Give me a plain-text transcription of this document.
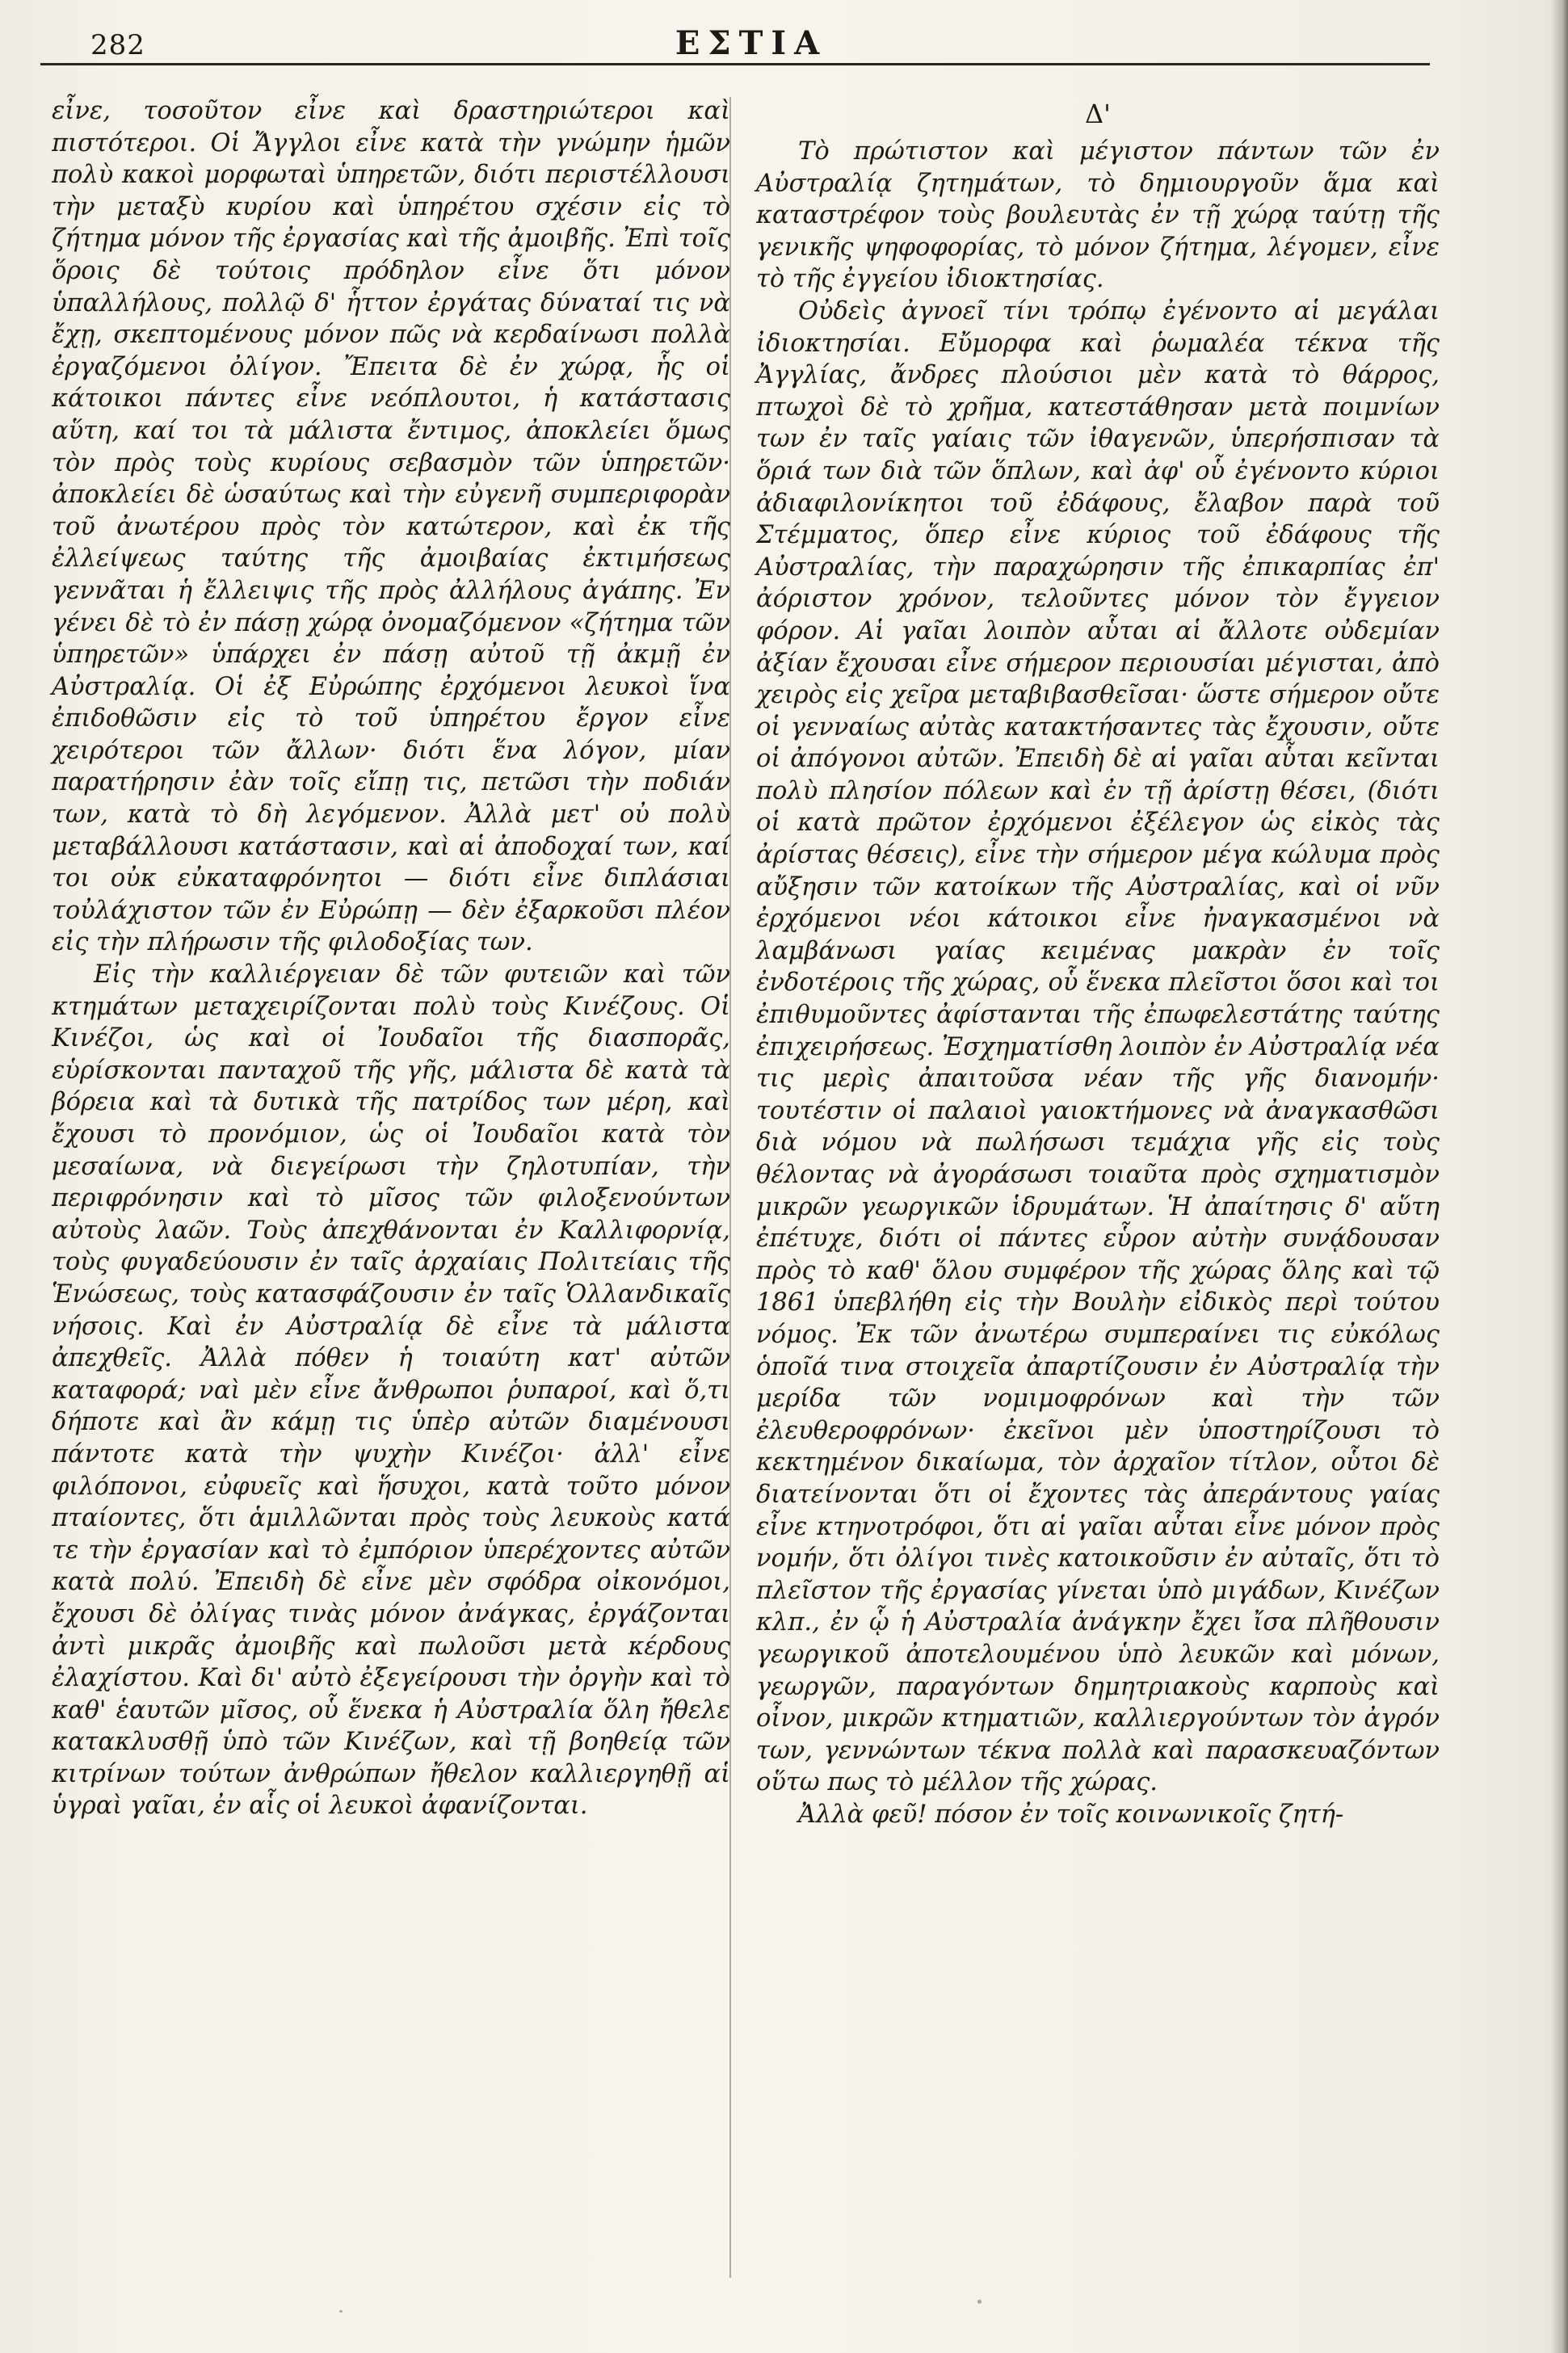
282	ΕΣΤΙΑ

εἶνε, τοσοῦτον εἶνε καὶ δραστηριώτεροι καὶ πιστότεροι. Οἱ Ἄγγλοι εἶνε κατὰ τὴν γνώμην ἡμῶν πολὺ κακοὶ μορφωταὶ ὑπηρετῶν, διότι περιστέλλουσι τὴν μεταξὺ κυρίου καὶ ὑπηρέτου σχέσιν εἰς τὸ ζήτημα μόνον τῆς ἐργασίας καὶ τῆς ἀμοιβῆς. Ἐπὶ τοῖς ὅροις δὲ τούτοις πρόδηλον εἶνε ὅτι μόνον ὑπαλλήλους, πολλῷ δ' ἧττον ἐργάτας δύναταί τις νὰ ἔχῃ, σκεπτομένους μόνον πῶς νὰ κερδαίνωσι πολλὰ ἐργαζόμενοι ὀλίγον. Ἔπειτα δὲ ἐν χώρᾳ, ἧς οἱ κάτοικοι πάντες εἶνε νεόπλουτοι, ἡ κατάστασις αὕτη, καί τοι τὰ μάλιστα ἔντιμος, ἀποκλείει ὅμως τὸν πρὸς τοὺς κυρίους σεβασμὸν τῶν ὑπηρετῶν· ἀποκλείει δὲ ὡσαύτως καὶ τὴν εὐγενῆ συμπεριφορὰν τοῦ ἀνωτέρου πρὸς τὸν κατώτερον, καὶ ἐκ τῆς ἐλλείψεως ταύτης τῆς ἀμοιβαίας ἐκτιμήσεως γεννᾶται ἡ ἔλλειψις τῆς πρὸς ἀλλήλους ἀγάπης. Ἐν γένει δὲ τὸ ἐν πάσῃ χώρᾳ ὀνομαζόμενον «ζήτημα τῶν ὑπηρετῶν» ὑπάρχει ἐν πάσῃ αὐτοῦ τῇ ἀκμῇ ἐν Αὐστραλίᾳ. Οἱ ἐξ Εὐρώπης ἐρχόμενοι λευκοὶ ἵνα ἐπιδοθῶσιν εἰς τὸ τοῦ ὑπηρέτου ἔργον εἶνε χειρότεροι τῶν ἄλλων· διότι ἕνα λόγον, μίαν παρατήρησιν ἐὰν τοῖς εἴπῃ τις, πετῶσι τὴν ποδιάν των, κατὰ τὸ δὴ λεγόμενον. Ἀλλὰ μετ' οὐ πολὺ μεταβάλλουσι κατάστασιν, καὶ αἱ ἀποδοχαί των, καί τοι οὐκ εὐκαταφρόνητοι — διότι εἶνε διπλάσιαι τοὐλάχιστον τῶν ἐν Εὐρώπῃ — δὲν ἐξαρκοῦσι πλέον εἰς τὴν πλήρωσιν τῆς φιλοδοξίας των.

Εἰς τὴν καλλιέργειαν δὲ τῶν φυτειῶν καὶ τῶν κτημάτων μεταχειρίζονται πολὺ τοὺς Κινέζους. Οἱ Κινέζοι, ὡς καὶ οἱ Ἰουδαῖοι τῆς διασπορᾶς, εὑρίσκονται πανταχοῦ τῆς γῆς, μάλιστα δὲ κατὰ τὰ βόρεια καὶ τὰ δυτικὰ τῆς πατρίδος των μέρη, καὶ ἔχουσι τὸ προνόμιον, ὡς οἱ Ἰουδαῖοι κατὰ τὸν μεσαίωνα, νὰ διεγείρωσι τὴν ζηλοτυπίαν, τὴν περιφρόνησιν καὶ τὸ μῖσος τῶν φιλοξενούντων αὐτοὺς λαῶν. Τοὺς ἀπεχθάνονται ἐν Καλλιφορνίᾳ, τοὺς φυγαδεύουσιν ἐν ταῖς ἀρχαίαις Πολιτείαις τῆς Ἑνώσεως, τοὺς κατασφάζουσιν ἐν ταῖς Ὁλλανδικαῖς νήσοις. Καὶ ἐν Αὐστραλίᾳ δὲ εἶνε τὰ μάλιστα ἀπεχθεῖς. Ἀλλὰ πόθεν ἡ τοιαύτη κατ' αὐτῶν καταφορά; ναὶ μὲν εἶνε ἄνθρωποι ῥυπαροί, καὶ ὅ,τι δήποτε καὶ ἂν κάμῃ τις ὑπὲρ αὐτῶν διαμένουσι πάντοτε κατὰ τὴν ψυχὴν Κινέζοι· ἀλλ' εἶνε φιλόπονοι, εὐφυεῖς καὶ ἥσυχοι, κατὰ τοῦτο μόνον πταίοντες, ὅτι ἁμιλλῶνται πρὸς τοὺς λευκοὺς κατά τε τὴν ἐργασίαν καὶ τὸ ἐμπόριον ὑπερέχοντες αὐτῶν κατὰ πολύ. Ἐπειδὴ δὲ εἶνε μὲν σφόδρα οἰκονόμοι, ἔχουσι δὲ ὀλίγας τινὰς μόνον ἀνάγκας, ἐργάζονται ἀντὶ μικρᾶς ἀμοιβῆς καὶ πωλοῦσι μετὰ κέρδους ἐλαχίστου. Καὶ δι' αὐτὸ ἐξεγείρουσι τὴν ὀργὴν καὶ τὸ καθ' ἑαυτῶν μῖσος, οὗ ἕνεκα ἡ Αὐστραλία ὅλη ἤθελε κατακλυσθῇ ὑπὸ τῶν Κινέζων, καὶ τῇ βοηθείᾳ τῶν κιτρίνων τούτων ἀνθρώπων ἤθελον καλλιεργηθῇ αἱ ὑγραὶ γαῖαι, ἐν αἷς οἱ λευκοὶ ἀφανίζονται.

Δ'

Τὸ πρώτιστον καὶ μέγιστον πάντων τῶν ἐν Αὐστραλίᾳ ζητημάτων, τὸ δημιουργοῦν ἅμα καὶ καταστρέφον τοὺς βουλευτὰς ἐν τῇ χώρᾳ ταύτῃ τῆς γενικῆς ψηφοφορίας, τὸ μόνον ζήτημα, λέγομεν, εἶνε τὸ τῆς ἐγγείου ἰδιοκτησίας.

Οὐδεὶς ἀγνοεῖ τίνι τρόπῳ ἐγένοντο αἱ μεγάλαι ἰδιοκτησίαι. Εὔμορφα καὶ ῥωμαλέα τέκνα τῆς Ἀγγλίας, ἄνδρες πλούσιοι μὲν κατὰ τὸ θάρρος, πτωχοὶ δὲ τὸ χρῆμα, κατεστάθησαν μετὰ ποιμνίων των ἐν ταῖς γαίαις τῶν ἰθαγενῶν, ὑπερήσπισαν τὰ ὅριά των διὰ τῶν ὅπλων, καὶ ἀφ' οὗ ἐγένοντο κύριοι ἀδιαφιλονίκητοι τοῦ ἐδάφους, ἔλαβον παρὰ τοῦ Στέμματος, ὅπερ εἶνε κύριος τοῦ ἐδάφους τῆς Αὐστραλίας, τὴν παραχώρησιν τῆς ἐπικαρπίας ἐπ' ἀόριστον χρόνον, τελοῦντες μόνον τὸν ἔγγειον φόρον. Αἱ γαῖαι λοιπὸν αὗται αἱ ἄλλοτε οὐδεμίαν ἀξίαν ἔχουσαι εἶνε σήμερον περιουσίαι μέγισται, ἀπὸ χειρὸς εἰς χεῖρα μεταβιβασθεῖσαι· ὥστε σήμερον οὔτε οἱ γενναίως αὐτὰς κατακτήσαντες τὰς ἔχουσιν, οὔτε οἱ ἀπόγονοι αὐτῶν. Ἐπειδὴ δὲ αἱ γαῖαι αὗται κεῖνται πολὺ πλησίον πόλεων καὶ ἐν τῇ ἀρίστῃ θέσει, (διότι οἱ κατὰ πρῶτον ἐρχόμενοι ἐξέλεγον ὡς εἰκὸς τὰς ἀρίστας θέσεις), εἶνε τὴν σήμερον μέγα κώλυμα πρὸς αὔξησιν τῶν κατοίκων τῆς Αὐστραλίας, καὶ οἱ νῦν ἐρχόμενοι νέοι κάτοικοι εἶνε ἠναγκασμένοι νὰ λαμβάνωσι γαίας κειμένας μακρὰν ἐν τοῖς ἐνδοτέροις τῆς χώρας, οὗ ἕνεκα πλεῖστοι ὅσοι καὶ τοι ἐπιθυμοῦντες ἀφίστανται τῆς ἐπωφελεστάτης ταύτης ἐπιχειρήσεως. Ἐσχηματίσθη λοιπὸν ἐν Αὐστραλίᾳ νέα τις μερὶς ἀπαιτοῦσα νέαν τῆς γῆς διανομήν· τουτέστιν οἱ παλαιοὶ γαιοκτήμονες νὰ ἀναγκασθῶσι διὰ νόμου νὰ πωλήσωσι τεμάχια γῆς εἰς τοὺς θέλοντας νὰ ἀγοράσωσι τοιαῦτα πρὸς σχηματισμὸν μικρῶν γεωργικῶν ἱδρυμάτων. Ἡ ἀπαίτησις δ' αὕτη ἐπέτυχε, διότι οἱ πάντες εὗρον αὐτὴν συνᾴδουσαν πρὸς τὸ καθ' ὅλου συμφέρον τῆς χώρας ὅλης καὶ τῷ 1861 ὑπεβλήθη εἰς τὴν Βουλὴν εἰδικὸς περὶ τούτου νόμος. Ἐκ τῶν ἀνωτέρω συμπεραίνει τις εὐκόλως ὁποῖά τινα στοιχεῖα ἀπαρτίζουσιν ἐν Αὐστραλίᾳ τὴν μερίδα τῶν νομιμοφρόνων καὶ τὴν τῶν ἐλευθεροφρόνων· ἐκεῖνοι μὲν ὑποστηρίζουσι τὸ κεκτημένον δικαίωμα, τὸν ἀρχαῖον τίτλον, οὗτοι δὲ διατείνονται ὅτι οἱ ἔχοντες τὰς ἀπεράντους γαίας εἶνε κτηνοτρόφοι, ὅτι αἱ γαῖαι αὗται εἶνε μόνον πρὸς νομήν, ὅτι ὀλίγοι τινὲς κατοικοῦσιν ἐν αὐταῖς, ὅτι τὸ πλεῖστον τῆς ἐργασίας γίνεται ὑπὸ μιγάδων, Κινέζων κλπ., ἐν ᾧ ἡ Αὐστραλία ἀνάγκην ἔχει ἴσα πλῆθουσιν γεωργικοῦ ἀποτελουμένου ὑπὸ λευκῶν καὶ μόνων, γεωργῶν, παραγόντων δημητριακοὺς καρποὺς καὶ οἶνον, μικρῶν κτηματιῶν, καλλιεργούντων τὸν ἀγρόν των, γεννώντων τέκνα πολλὰ καὶ παρασκευαζόντων οὕτω πως τὸ μέλλον τῆς χώρας.

Ἀλλὰ φεῦ! πόσον ἐν τοῖς κοινωνικοῖς ζητή-
